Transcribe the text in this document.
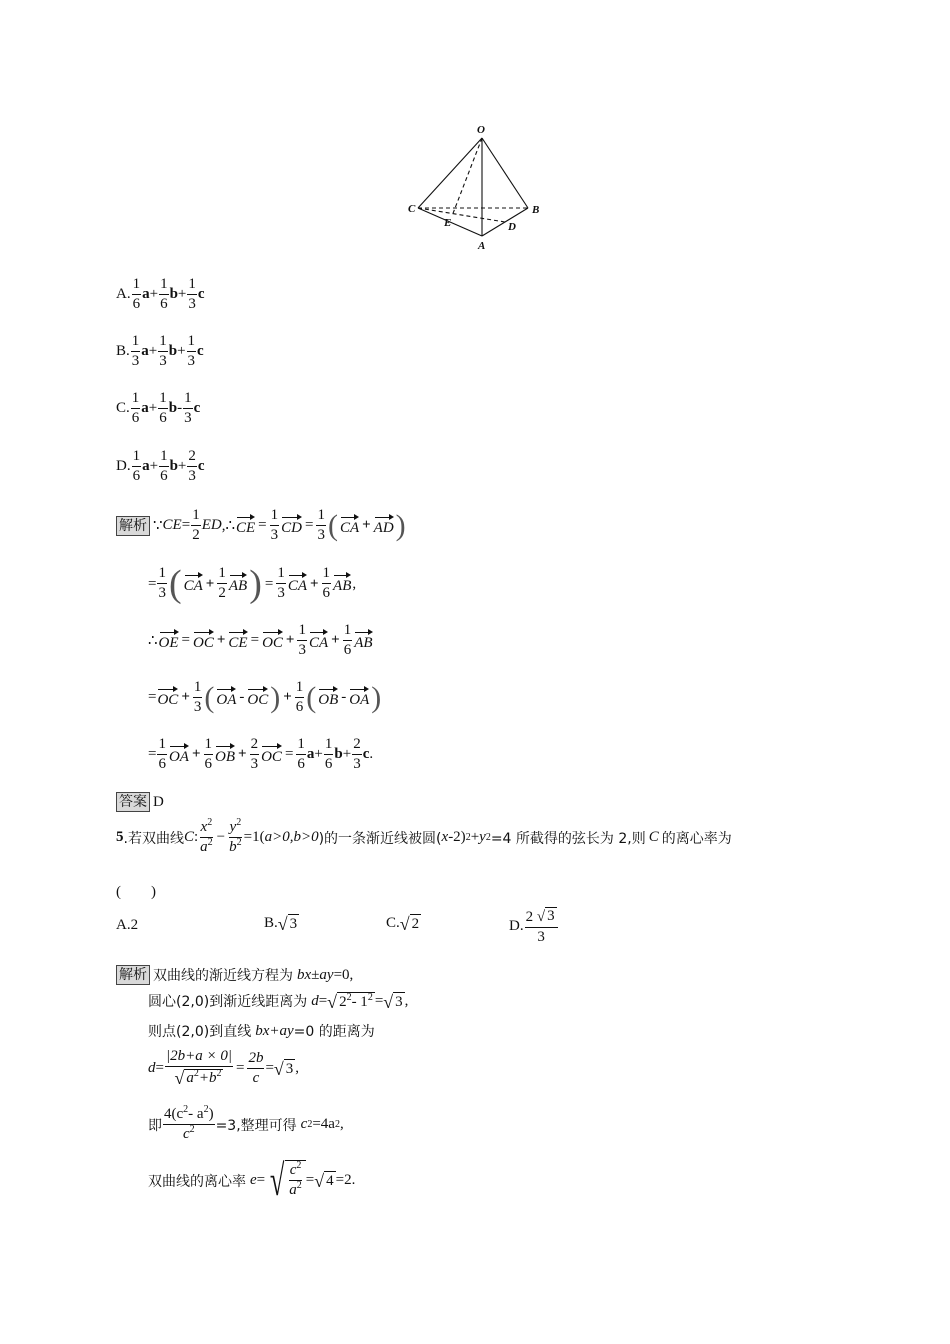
O
C	B
E	D
A
A. $\frac{1}{6}$ $a + \frac{1}{6}$ $b + \frac{1}{3}$ c
B. $\frac{1}{3}$ $a + \frac{1}{3}$ $b + \frac{1}{3}$ c
C. $\frac{1}{6}$ $a + \frac{1}{6}$ b - $\frac{1}{3}$ c
D. $\frac{1}{6}$ $a + \frac{1}{6}$ $b + \frac{2}{3}$ c
解析 ∵ CE = $\frac{1}{2}$ ED ,∴ CE = $\frac{1}{3}$ CD = $\frac{1}{3}$ ( CA + AD )
= $\frac{1}{3}$ ( CA + $\frac{1}{2}$ AB ) = $\frac{1}{3}$ CA + $\frac{1}{6}$ AB ,
∴ OE = OC + CE = OC + $\frac{1}{3}$ CA + $\frac{1}{6}$ AB
= OC + $\frac{1}{3}$ ( OA - OC ) + $\frac{1}{6}$ ( OB - OA )
= $\frac{1}{6}$ OA + $\frac{1}{6}$ OB + $\frac{2}{3}$ OC = $\frac{1}{6}$ $a + \frac{1}{6}$ $b + \frac{2}{3}$ c .
答案 D
5 .若双曲线 C : $\frac{x^2}{a^2} - \frac{y^2}{b^2} =1$( a>0,b>0 )的一条渐近线被圆( x -2) 2 + y 2 =4 所截得的弦长为 2,则 C 的离心率为
(　　)
A.2	B. √ 3	C. √ 2	D. $\frac{2 √ 3}{3}$
解析 双曲线的渐近线方程为 bx±ay =0,
圆心(2,0)到渐近线距离为 d = √ $2^2-$ $1^2$ = √ 3 ,
则点(2,0)到直线 bx+ay =0 的距离为
$d = \frac{|2b+a \times 0|}{√ a^2+b^2} = \frac{2b}{c}$ = √ 3 ,
即 $\frac{4(c^2- a^2)}{c^2} =3$,整理可得 c 2 =4a 2 ,
双曲线的离心率 e = √ $\frac{c^2}{a^2}$ = √ 4 =2.
